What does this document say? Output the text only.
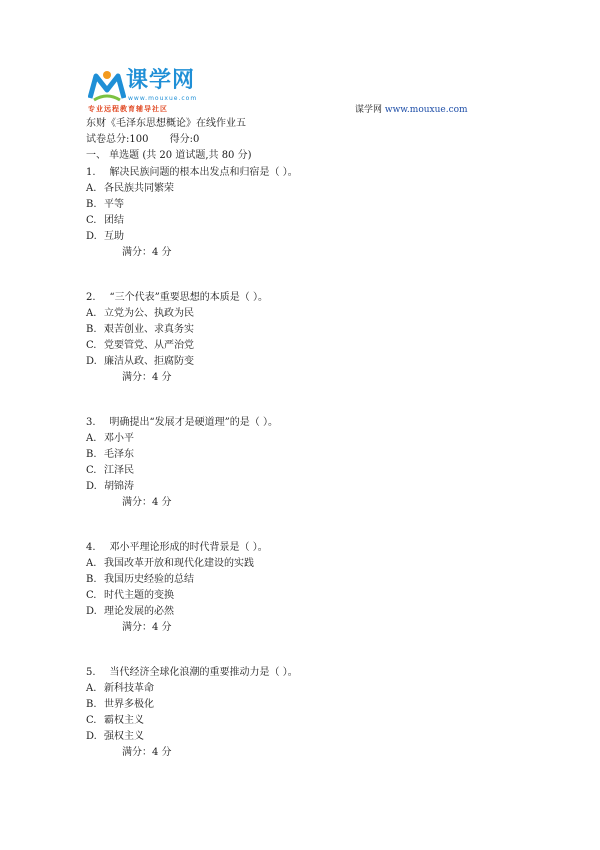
课学网
www.mouxue.com
专业远程教育辅导社区	谋学网 www.mouxue.com
东财《毛泽东思想概论》在线作业五
试卷总分:100 得分:0
一、 单选题 (共 20 道试题,共 80 分)
1. 解决民族问题的根本出发点和归宿是（ ）。
A. 各民族共同繁荣
B. 平等
C. 团结
D. 互助
满分：4 分
2. “三个代表”重要思想的本质是（ ）。
A. 立党为公、执政为民
B. 艰苦创业、求真务实
C. 党要管党、从严治党
D. 廉洁从政、拒腐防变
满分：4 分
3. 明确提出“发展才是硬道理”的是（ ）。
A. 邓小平
B. 毛泽东
C. 江泽民
D. 胡锦涛
满分：4 分
4. 邓小平理论形成的时代背景是（ ）。
A. 我国改革开放和现代化建设的实践
B. 我国历史经验的总结
C. 时代主题的变换
D. 理论发展的必然
满分：4 分
5. 当代经济全球化浪潮的重要推动力是（ ）。
A. 新科技革命
B. 世界多极化
C. 霸权主义
D. 强权主义
满分：4 分
